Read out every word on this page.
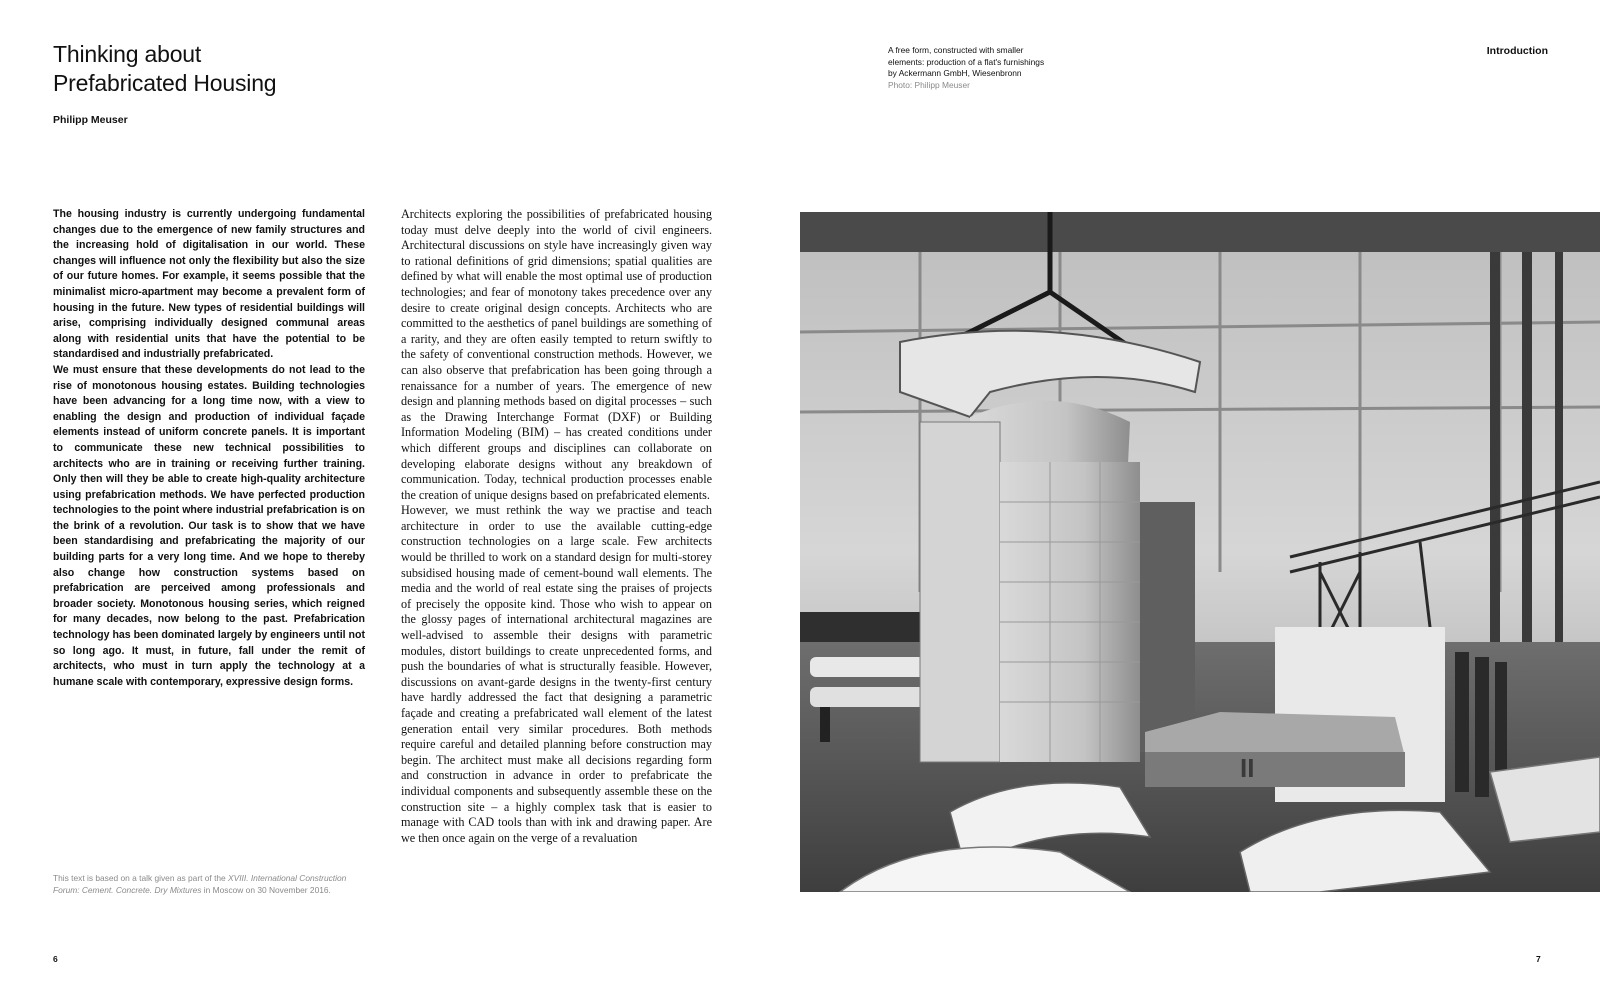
Thinking about
Prefabricated Housing
Philipp Meuser
A free form, constructed with smaller
elements: production of a flat's furnishings
by Ackermann GmbH, Wiesenbronn
Photo: Philipp Meuser
Introduction

The housing industry is currently undergoing fundamental changes due to the emergence of new family structures and the increasing hold of digitalisation in our world. These changes will influence not only the flexibility but also the size of our future homes. For example, it seems possible that the minimalist micro-apartment may become a prevalent form of housing in the future. New types of residential buildings will arise, comprising individually designed communal areas along with residential units that have the potential to be standardised and industrially prefabricated.

We must ensure that these developments do not lead to the rise of monotonous housing estates. Building technologies have been advancing for a long time now, with a view to enabling the design and production of individual façade elements instead of uniform concrete panels. It is important to communicate these new technical possibilities to architects who are in training or receiving further training. Only then will they be able to create high-quality architecture using prefabrication methods. We have perfected production technologies to the point where industrial prefabrication is on the brink of a revolution. Our task is to show that we have been standardising and prefabricating the majority of our building parts for a very long time. And we hope to thereby also change how construction systems based on prefabrication are perceived among professionals and broader society. Monotonous housing series, which reigned for many decades, now belong to the past. Prefabrication technology has been dominated largely by engineers until not so long ago. It must, in future, fall under the remit of architects, who must in turn apply the technology at a humane scale with contemporary, expressive design forms.

Architects exploring the possibilities of prefabricated housing today must delve deeply into the world of civil engineers. Architectural discussions on style have increasingly given way to rational definitions of grid dimensions; spatial qualities are defined by what will enable the most optimal use of production technologies; and fear of monotony takes precedence over any desire to create original design concepts. Architects who are committed to the aesthetics of panel buildings are something of a rarity, and they are often easily tempted to return swiftly to the safety of conventional construction methods. However, we can also observe that prefabrication has been going through a renaissance for a number of years. The emergence of new design and planning methods based on digital processes – such as the Drawing Interchange Format (DXF) or Building Information Modeling (BIM) – has created conditions under which different groups and disciplines can collaborate on developing elaborate designs without any breakdown of communication. Today, technical production processes enable the creation of unique designs based on prefabricated elements.

However, we must rethink the way we practise and teach architecture in order to use the available cutting-edge construction technologies on a large scale. Few architects would be thrilled to work on a standard design for multi-storey subsidised housing made of cement-bound wall elements. The media and the world of real estate sing the praises of projects of precisely the opposite kind. Those who wish to appear on the glossy pages of international architectural magazines are well-advised to assemble their designs with parametric modules, distort buildings to create unprecedented forms, and push the boundaries of what is structurally feasible. However, discussions on avant-garde designs in the twenty-first century have hardly addressed the fact that designing a parametric façade and creating a prefabricated wall element of the latest generation entail very similar procedures. Both methods require careful and detailed planning before construction may begin. The architect must make all decisions regarding form and construction in advance in order to prefabricate the individual components and subsequently assemble these on the construction site – a highly complex task that is easier to manage with CAD tools than with ink and drawing paper. Are we then once again on the verge of a revaluation

This text is based on a talk given as part of the XVIII. International Construction Forum: Cement. Concrete. Dry Mixtures in Moscow on 30 November 2016.
6	7
II
